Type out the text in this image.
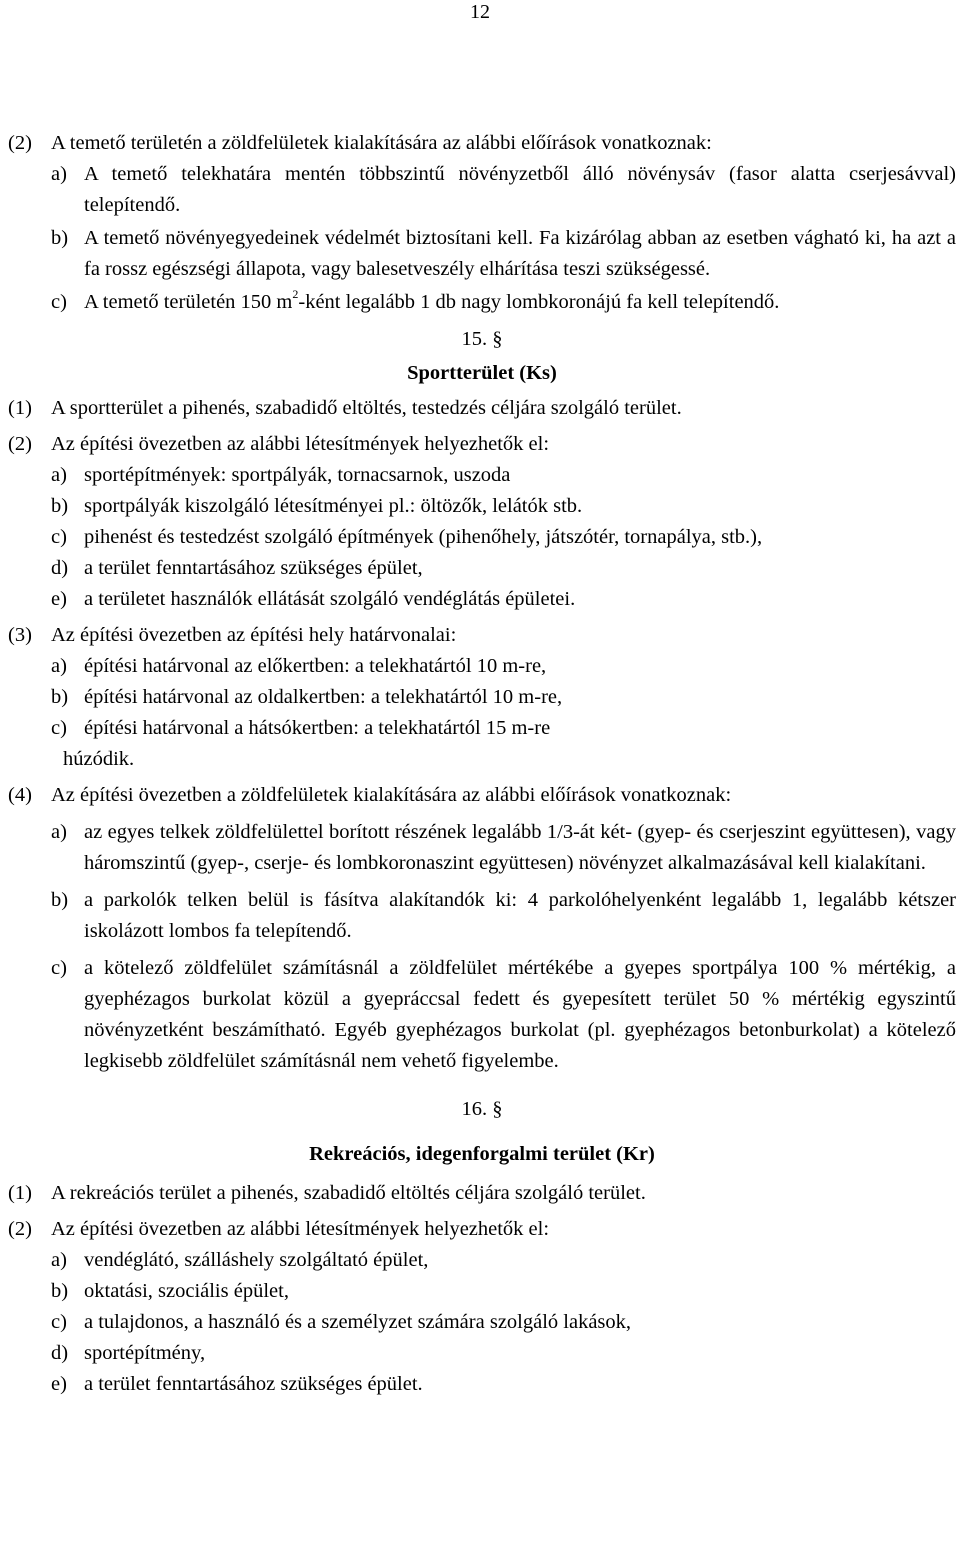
12
(2) A temető területén a zöldfelületek kialakítására az alábbi előírások vonatkoznak:
a) A temető telekhatára mentén többszintű növényzetből álló növénysáv (fasor alatta cserjesávval) telepítendő.
b) A temető növényegyedeinek védelmét biztosítani kell. Fa kizárólag abban az esetben vágható ki, ha azt a fa rossz egészségi állapota, vagy balesetveszély elhárítása teszi szükségessé.
c) A temető területén 150 $m^2$-ként legalább 1 db nagy lombkoronájú fa kell telepítendő.
15. §
Sportterület (Ks)
(1) A sportterület a pihenés, szabadidő eltöltés, testedzés céljára szolgáló terület.
(2) Az építési övezetben az alábbi létesítmények helyezhetők el:
a) sportépítmények: sportpályák, tornacsarnok, uszoda
b) sportpályák kiszolgáló létesítményei pl.: öltözők, lelátók stb.
c) pihenést és testedzést szolgáló építmények (pihenőhely, játszótér, tornapálya, stb.),
d) a terület fenntartásához szükséges épület,
e) a területet használók ellátását szolgáló vendéglátás épületei.
(3) Az építési övezetben az építési hely határvonalai:
a) építési határvonal az előkertben: a telekhatártól 10 m-re,
b) építési határvonal az oldalkertben: a telekhatártól 10 m-re,
c) építési határvonal a hátsókertben: a telekhatártól 15 m-re
húzódik.
(4) Az építési övezetben a zöldfelületek kialakítására az alábbi előírások vonatkoznak:
a) az egyes telkek zöldfelülettel borított részének legalább 1/3-át két- (gyep- és cserjeszint együttesen), vagy háromszintű (gyep-, cserje- és lombkoronaszint együttesen) növényzet alkalmazásával kell kialakítani.
b) a parkolók telken belül is fásítva alakítandók ki: 4 parkolóhelyenként legalább 1, legalább kétszer iskolázott lombos fa telepítendő.
c) a kötelező zöldfelület számításnál a zöldfelület mértékébe a gyepes sportpálya 100 % mértékig, a gyephézagos burkolat közül a gyepráccsal fedett és gyepesített terület 50 % mértékig egyszintű növényzetként beszámítható. Egyéb gyephézagos burkolat (pl. gyephézagos betonburkolat) a kötelező legkisebb zöldfelület számításnál nem vehető figyelembe.
16. §
Rekreációs, idegenforgalmi terület (Kr)
(1) A rekreációs terület a pihenés, szabadidő eltöltés céljára szolgáló terület.
(2) Az építési övezetben az alábbi létesítmények helyezhetők el:
a) vendéglátó, szálláshely szolgáltató épület,
b) oktatási, szociális épület,
c) a tulajdonos, a használó és a személyzet számára szolgáló lakások,
d) sportépítmény,
e) a terület fenntartásához szükséges épület.
